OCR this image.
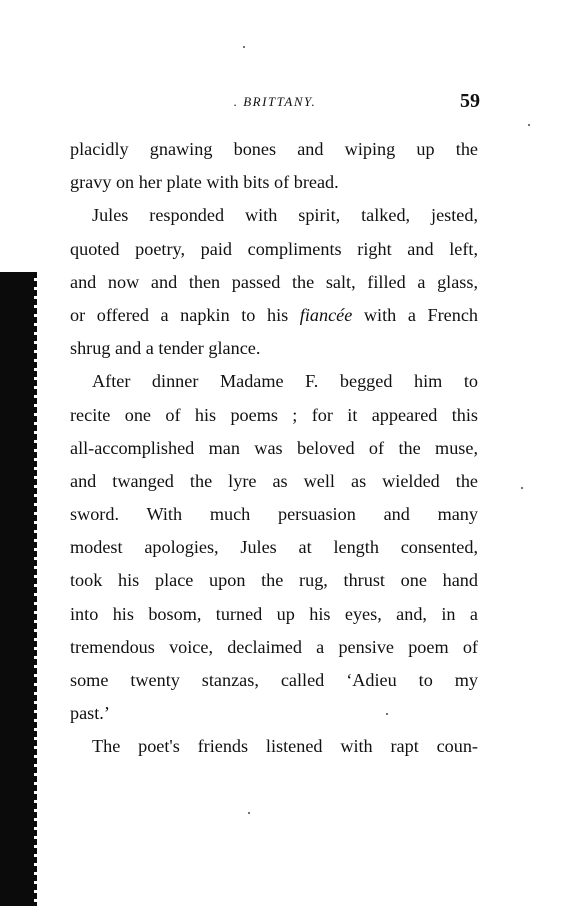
. BRITTANY.	59
placidly gnawing bones and wiping up the
gravy on her plate with bits of bread.
Jules responded with spirit, talked, jested,
quoted poetry, paid compliments right and left,
and now and then passed the salt, filled a glass,
or offered a napkin to his fiancée with a French
shrug and a tender glance.
After dinner Madame F. begged him to
recite one of his poems ; for it appeared this
all-accomplished man was beloved of the muse,
and twanged the lyre as well as wielded the
sword. With much persuasion and many
modest apologies, Jules at length consented,
took his place upon the rug, thrust one hand
into his bosom, turned up his eyes, and, in a
tremendous voice, declaimed a pensive poem of
some twenty stanzas, called ‘Adieu to my
past.’
The poet's friends listened with rapt coun-
